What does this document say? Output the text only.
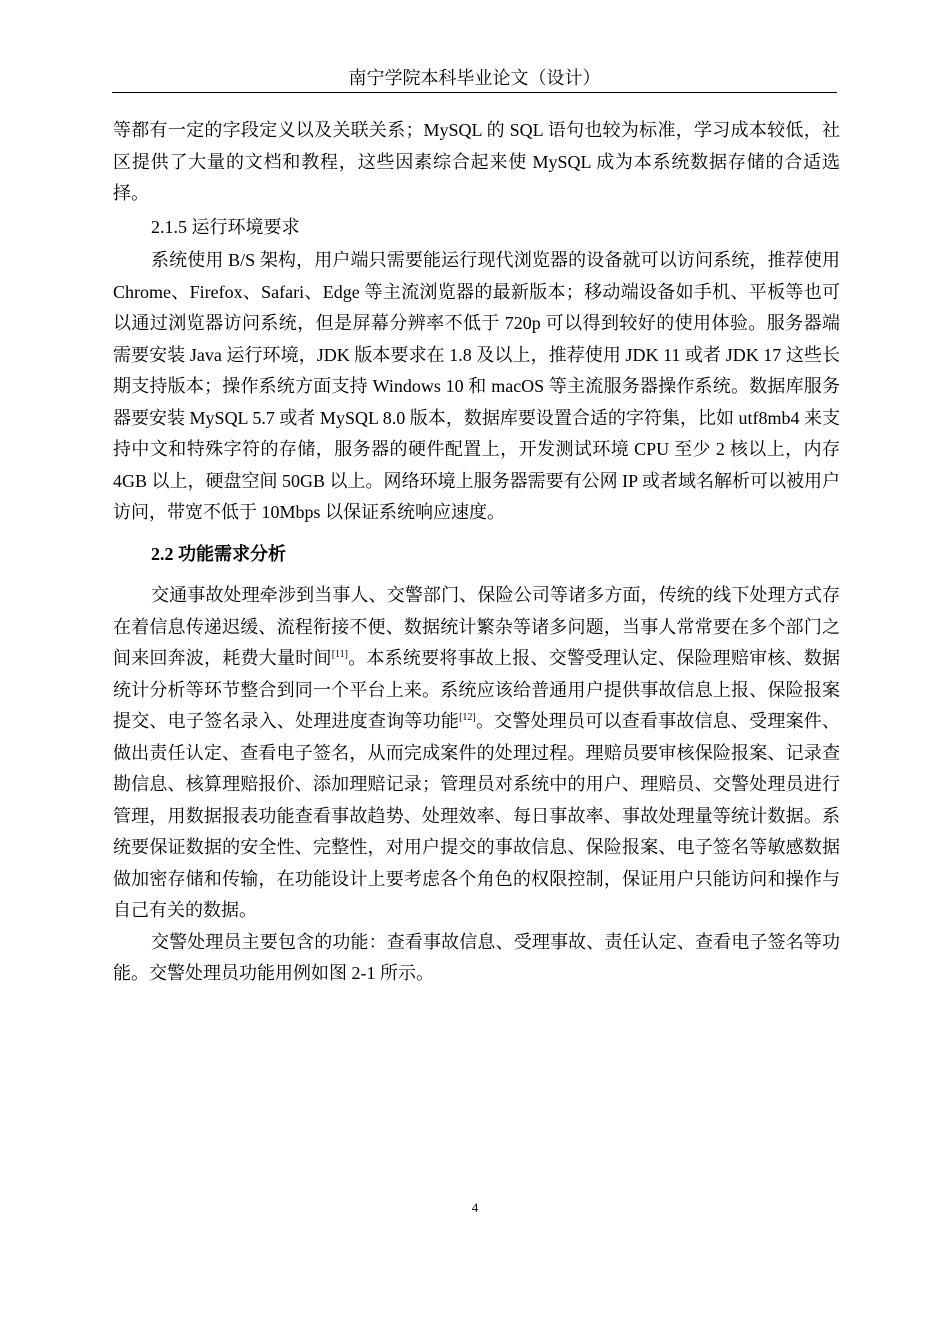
南宁学院本科毕业论文（设计）

等都有一定的字段定义以及关联关系；MySQL 的 SQL 语句也较为标准，学习成本较低，社区提供了大量的文档和教程，这些因素综合起来使 MySQL 成为本系统数据存储的合适选择。

2.1.5 运行环境要求

系统使用 B/S 架构，用户端只需要能运行现代浏览器的设备就可以访问系统，推荐使用 Chrome、Firefox、Safari、Edge 等主流浏览器的最新版本；移动端设备如手机、平板等也可以通过浏览器访问系统，但是屏幕分辨率不低于 720p 可以得到较好的使用体验。服务器端需要安装 Java 运行环境，JDK 版本要求在 1.8 及以上，推荐使用 JDK 11 或者 JDK 17 这些长期支持版本；操作系统方面支持 Windows 10 和 macOS 等主流服务器操作系统。数据库服务器要安装 MySQL 5.7 或者 MySQL 8.0 版本，数据库要设置合适的字符集，比如 utf8mb4 来支持中文和特殊字符的存储，服务器的硬件配置上，开发测试环境 CPU 至少 2 核以上，内存 4GB 以上，硬盘空间 50GB 以上。网络环境上服务器需要有公网 IP 或者域名解析可以被用户访问，带宽不低于 10Mbps 以保证系统响应速度。

2.2 功能需求分析

交通事故处理牵涉到当事人、交警部门、保险公司等诸多方面，传统的线下处理方式存在着信息传递迟缓、流程衔接不便、数据统计繁杂等诸多问题，当事人常常要在多个部门之间来回奔波，耗费大量时间[11]。本系统要将事故上报、交警受理认定、保险理赔审核、数据统计分析等环节整合到同一个平台上来。系统应该给普通用户提供事故信息上报、保险报案提交、电子签名录入、处理进度查询等功能[12]。交警处理员可以查看事故信息、受理案件、做出责任认定、查看电子签名，从而完成案件的处理过程。理赔员要审核保险报案、记录查勘信息、核算理赔报价、添加理赔记录；管理员对系统中的用户、理赔员、交警处理员进行管理，用数据报表功能查看事故趋势、处理效率、每日事故率、事故处理量等统计数据。系统要保证数据的安全性、完整性，对用户提交的事故信息、保险报案、电子签名等敏感数据做加密存储和传输，在功能设计上要考虑各个角色的权限控制，保证用户只能访问和操作与自己有关的数据。

交警处理员主要包含的功能：查看事故信息、受理事故、责任认定、查看电子签名等功能。交警处理员功能用例如图 2-1 所示。

4
